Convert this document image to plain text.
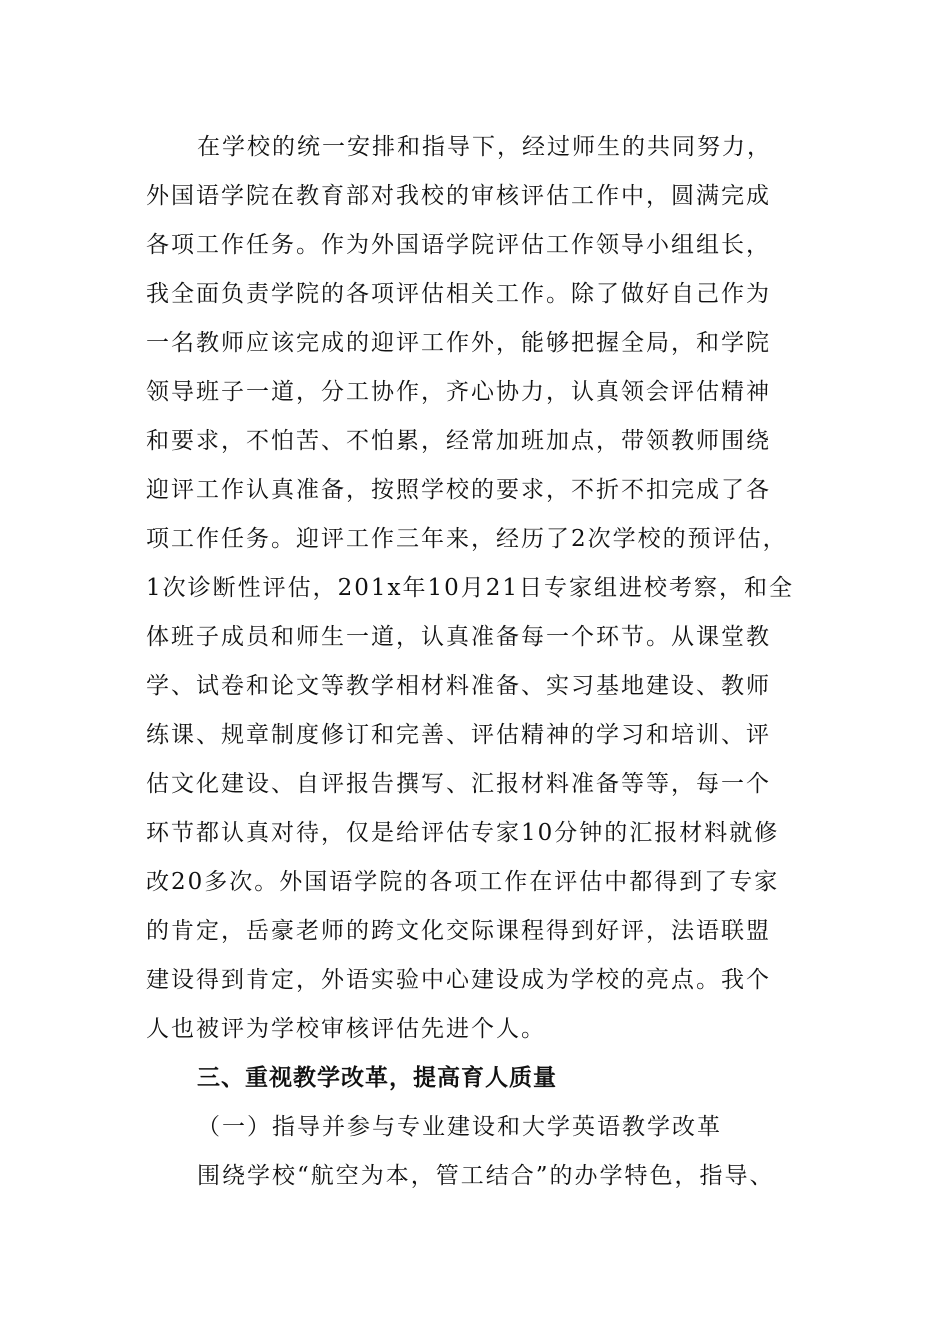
在学校的统一安排和指导下，经过师生的共同努力，
外国语学院在教育部对我校的审核评估工作中，圆满完成
各项工作任务。作为外国语学院评估工作领导小组组长，
我全面负责学院的各项评估相关工作。除了做好自己作为
一名教师应该完成的迎评工作外，能够把握全局，和学院
领导班子一道，分工协作，齐心协力，认真领会评估精神
和要求，不怕苦、不怕累，经常加班加点，带领教师围绕
迎评工作认真准备，按照学校的要求，不折不扣完成了各
项工作任务。迎评工作三年来，经历了2次学校的预评估，
1次诊断性评估，201x年10月21日专家组进校考察，和全
体班子成员和师生一道，认真准备每一个环节。从课堂教
学、试卷和论文等教学相材料准备、实习基地建设、教师
练课、规章制度修订和完善、评估精神的学习和培训、评
估文化建设、自评报告撰写、汇报材料准备等等，每一个
环节都认真对待，仅是给评估专家10分钟的汇报材料就修
改20多次。外国语学院的各项工作在评估中都得到了专家
的肯定，岳豪老师的跨文化交际课程得到好评，法语联盟
建设得到肯定，外语实验中心建设成为学校的亮点。我个
人也被评为学校审核评估先进个人。
三、重视教学改革，提高育人质量
（一）指导并参与专业建设和大学英语教学改革
围绕学校“航空为本，管工结合”的办学特色，指导、
